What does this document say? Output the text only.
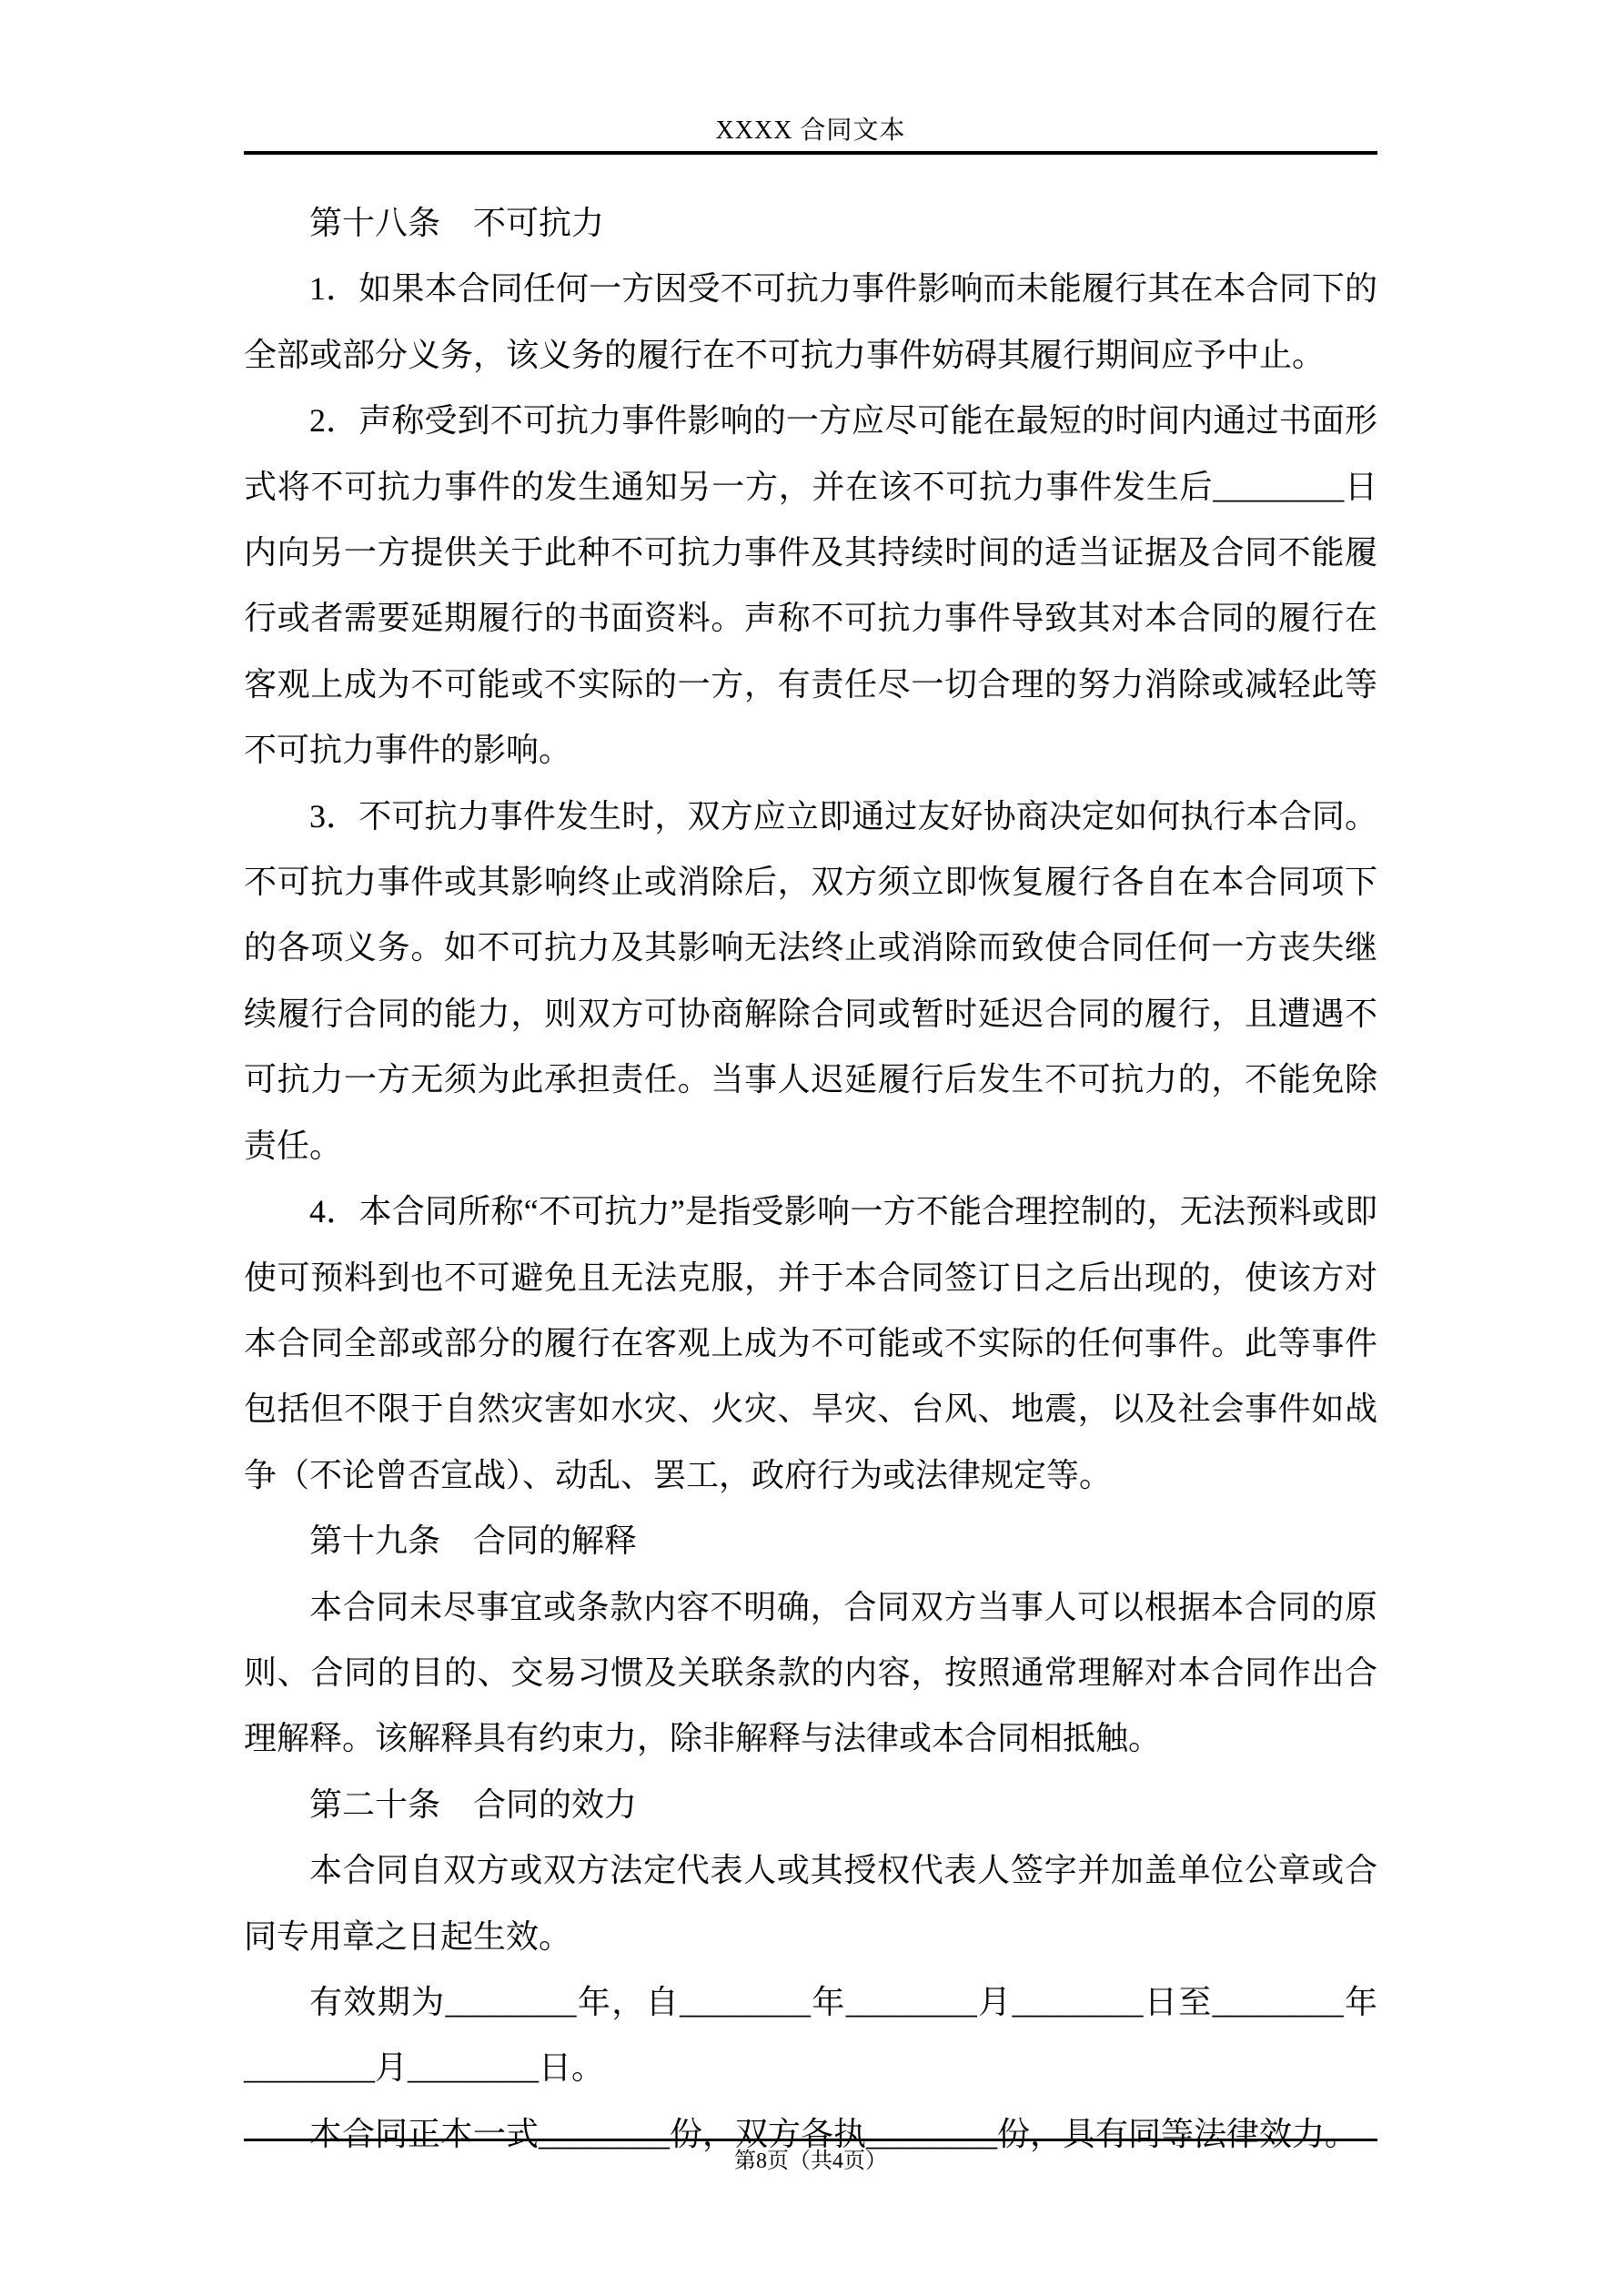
XXXX 合同文本

第十八条　不可抗力

1．如果本合同任何一方因受不可抗力事件影响而未能履行其在本合同下的全部或部分义务，该义务的履行在不可抗力事件妨碍其履行期间应予中止。

2．声称受到不可抗力事件影响的一方应尽可能在最短的时间内通过书面形式将不可抗力事件的发生通知另一方，并在该不可抗力事件发生后________日内向另一方提供关于此种不可抗力事件及其持续时间的适当证据及合同不能履行或者需要延期履行的书面资料。声称不可抗力事件导致其对本合同的履行在客观上成为不可能或不实际的一方，有责任尽一切合理的努力消除或减轻此等不可抗力事件的影响。

3．不可抗力事件发生时，双方应立即通过友好协商决定如何执行本合同。不可抗力事件或其影响终止或消除后，双方须立即恢复履行各自在本合同项下的各项义务。如不可抗力及其影响无法终止或消除而致使合同任何一方丧失继续履行合同的能力，则双方可协商解除合同或暂时延迟合同的履行，且遭遇不可抗力一方无须为此承担责任。当事人迟延履行后发生不可抗力的，不能免除责任。

4．本合同所称“不可抗力”是指受影响一方不能合理控制的，无法预料或即使可预料到也不可避免且无法克服，并于本合同签订日之后出现的，使该方对本合同全部或部分的履行在客观上成为不可能或不实际的任何事件。此等事件包括但不限于自然灾害如水灾、火灾、旱灾、台风、地震，以及社会事件如战争（不论曾否宣战）、动乱、罢工，政府行为或法律规定等。

第十九条　合同的解释

本合同未尽事宜或条款内容不明确，合同双方当事人可以根据本合同的原则、合同的目的、交易习惯及关联条款的内容，按照通常理解对本合同作出合理解释。该解释具有约束力，除非解释与法律或本合同相抵触。

第二十条　合同的效力

本合同自双方或双方法定代表人或其授权代表人签字并加盖单位公章或合同专用章之日起生效。

有效期为________年，自________年________月________日至________年________月________日。

本合同正本一式________份，双方各执________份，具有同等法律效力。

第8页（共4页）
